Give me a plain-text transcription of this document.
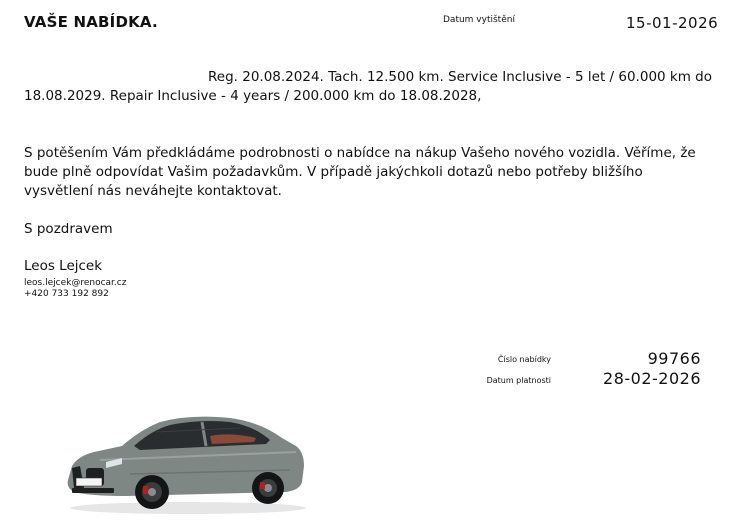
VAŠE NABÍDKA.	Datum vytištění	15-01-2026
Reg. 20.08.2024. Tach. 12.500 km. Service Inclusive - 5 let / 60.000 km do 18.08.2029. Repair Inclusive - 4 years / 200.000 km do 18.08.2028,
S potěšením Vám předkládáme podrobnosti o nabídce na nákup Vašeho nového vozidla. Věříme, že bude plně odpovídat Vašim požadavkům. V případě jakýchkoli dotazů nebo potřeby bližšího vysvětlení nás neváhejte kontaktovat.
S pozdravem
Leos Lejcek
leos.lejcek@renocar.cz
+420 733 192 892
Číslo nabídky	99766
Datum platnosti	28-02-2026
